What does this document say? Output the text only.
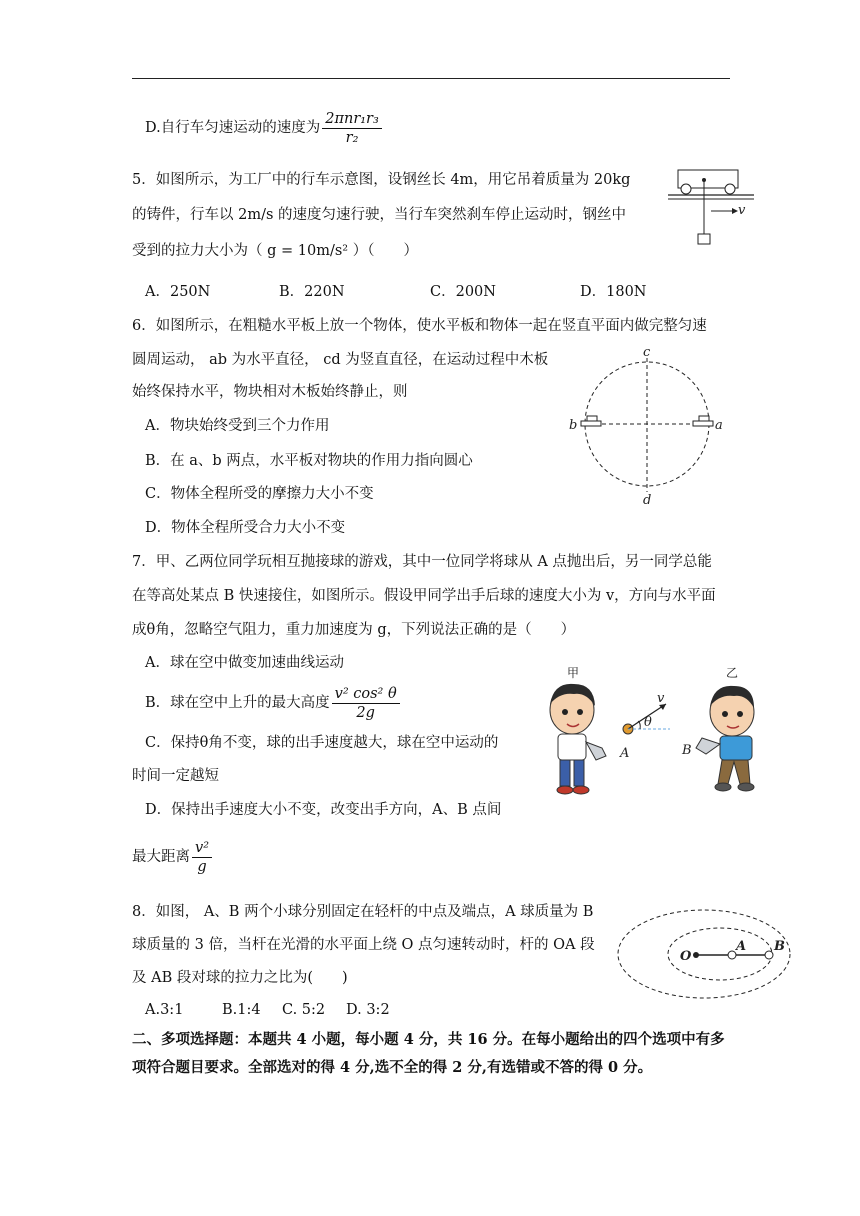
D.自行车匀速运动的速度为 $\frac{\text{2πnr₁r₃}}{\text{r₂}}$
5．如图所示，为工厂中的行车示意图，设钢丝长 4m，用它吊着质量为 20kg
的铸件，行车以 2m/s 的速度匀速行驶，当行车突然刹车停止运动时，钢丝中
受到的拉力大小为（ g = 10m/s² ）（　　）
A．250N	B．220N	C．200N	D．180N
v
6．如图所示，在粗糙水平板上放一个物体，使水平板和物体一起在竖直平面内做完整匀速
圆周运动， ab 为水平直径， cd 为竖直直径，在运动过程中木板
始终保持水平，物块相对木板始终静止，则
A．物块始终受到三个力作用
B．在 a、b 两点，水平板对物块的作用力指向圆心
C．物体全程所受的摩擦力大小不变
D．物体全程所受合力大小不变
c
d
b	a
7．甲、乙两位同学玩相互抛接球的游戏，其中一位同学将球从 A 点抛出后，另一同学总能
在等高处某点 B 快速接住，如图所示。假设甲同学出手后球的速度大小为 v，方向与水平面
成θ角，忽略空气阻力，重力加速度为 g，下列说法正确的是（　　）
A．球在空中做变加速曲线运动
B．球在空中上升的最大高度 $\frac{\text{v² cos² θ}}{2g}$
C．保持θ角不变，球的出手速度越大，球在空中运动的
时间一定越短
D．保持出手速度大小不变，改变出手方向，A、B 点间
最大距离 $\frac{\text{v²}}{g}$
甲	乙
v
θ
A	B
8．如图， A、B 两个小球分别固定在轻杆的中点及端点，A 球质量为 B
球质量的 3 倍，当杆在光滑的水平面上绕 O 点匀速转动时，杆的 OA 段
及 AB 段对球的拉力之比为(　　)
A.3:1	B.1:4 C. 5:2 D. 3:2
O
A B
二、多项选择题：本题共 4 小题，每小题 4 分，共 16 分。在每小题给出的四个选项中有多
项符合题目要求。全部选对的得 4 分,选不全的得 2 分,有选错或不答的得 0 分。
